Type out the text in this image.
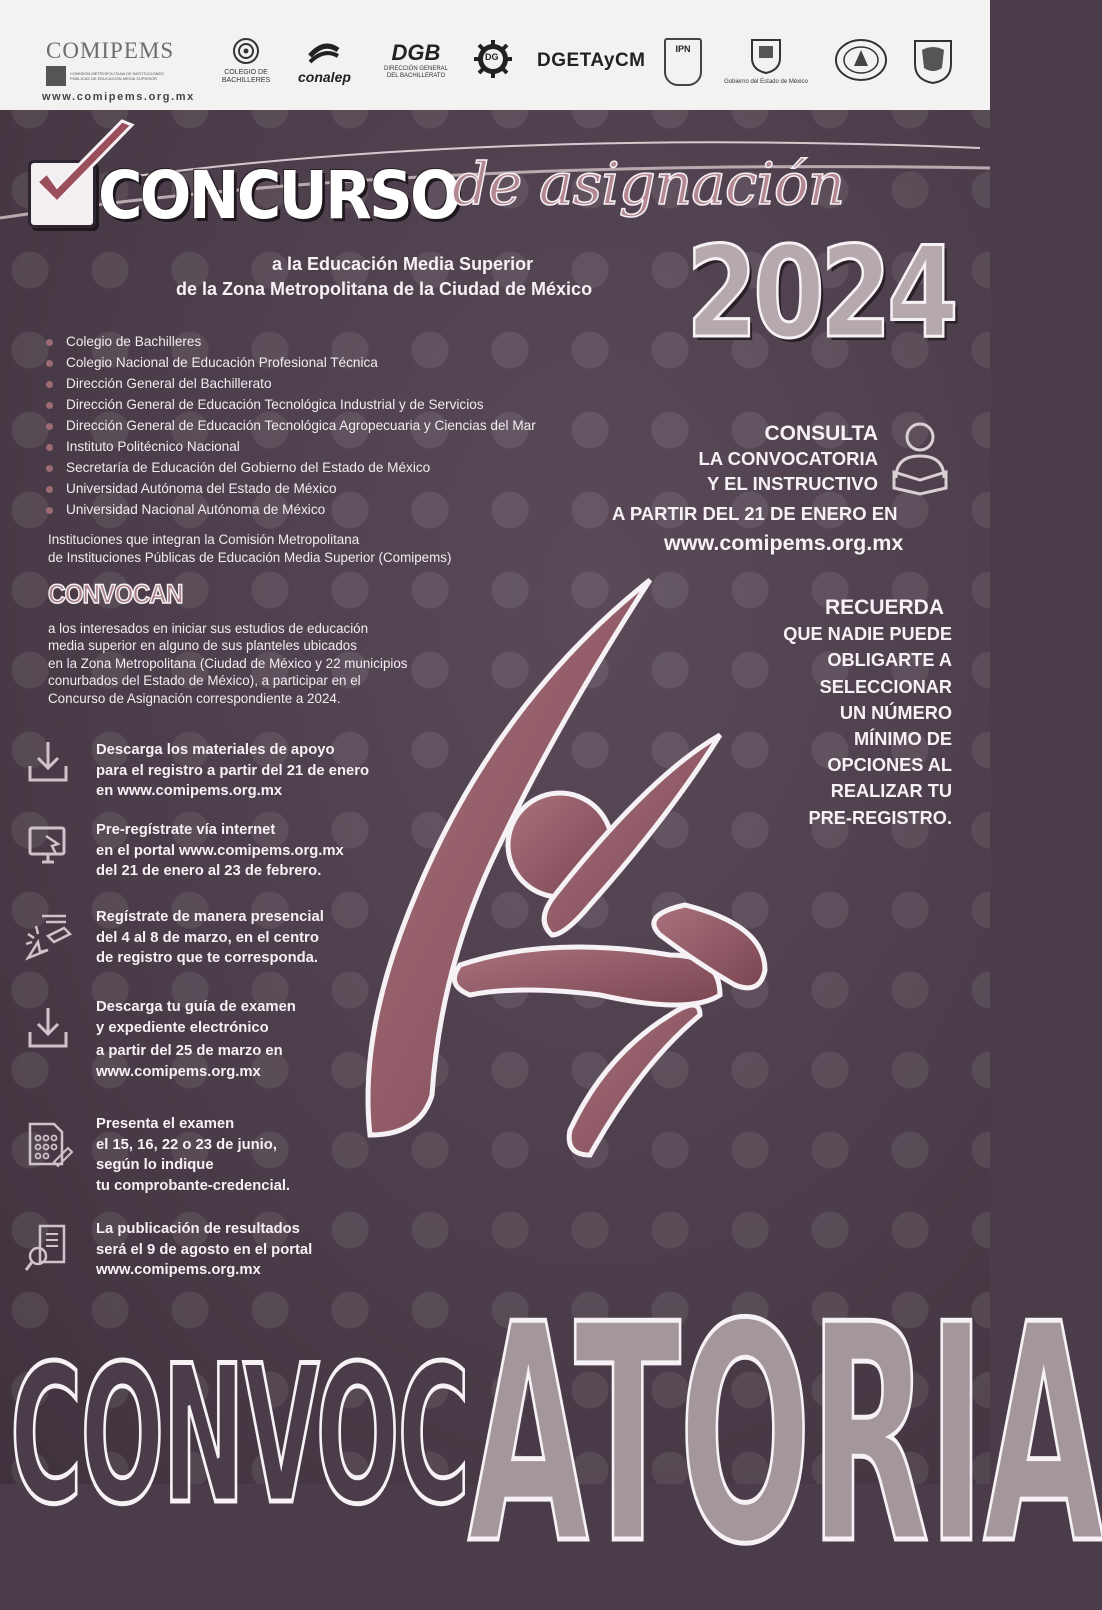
COMIPEMS
COMISIÓN METROPOLITANA DE INSTITUCIONES PÚBLICAS DE EDUCACIÓN MEDIA SUPERIOR
www.comipems.org.mx
COLEGIO DE BACHILLERES	conalep
DGB
DIRECCIÓN GENERAL DEL BACHILLERATO
DG DGETAyCM
IPN
Gobierno del Estado de México
CONCURSO
de asignación
a la Educación Media Superior
de la Zona Metropolitana de la Ciudad de México 2024
Colegio de Bachilleres
Colegio Nacional de Educación Profesional Técnica
Dirección General del Bachillerato
Dirección General de Educación Tecnológica Industrial y de Servicios
Dirección General de Educación Tecnológica Agropecuaria y Ciencias del Mar
Instituto Politécnico Nacional
Secretaría de Educación del Gobierno del Estado de México
Universidad Autónoma del Estado de México
Universidad Nacional Autónoma de México
Instituciones que integran la Comisión Metropolitana
de Instituciones Públicas de Educación Media Superior (Comipems)
CONVOCAN
a los interesados en iniciar sus estudios de educación
media superior en alguno de sus planteles ubicados
en la Zona Metropolitana (Ciudad de México y 22 municipios
conurbados del Estado de México), a participar en el
Concurso de Asignación correspondiente a 2024.
CONSULTA
LA CONVOCATORIA
Y EL INSTRUCTIVO
A PARTIR DEL 21 DE ENERO EN
www.comipems.org.mx
RECUERDA
QUE NADIE PUEDE
OBLIGARTE A
SELECCIONAR
UN NÚMERO
MÍNIMO DE
OPCIONES AL
REALIZAR TU
PRE-REGISTRO.
Descarga los materiales de apoyo
para el registro a partir del 21 de enero
en www.comipems.org.mx
Pre-regístrate vía internet
en el portal www.comipems.org.mx
del 21 de enero al 23 de febrero.
Regístrate de manera presencial
del 4 al 8 de marzo, en el centro
de registro que te corresponda.
Descarga tu guía de examen
y expediente electrónico
a partir del 25 de marzo en
www.comipems.org.mx
Presenta el examen
el 15, 16, 22 o 23 de junio,
según lo indique
tu comprobante-credencial.
La publicación de resultados
será el 9 de agosto en el portal
www.comipems.org.mx
CONVOCATORIA
